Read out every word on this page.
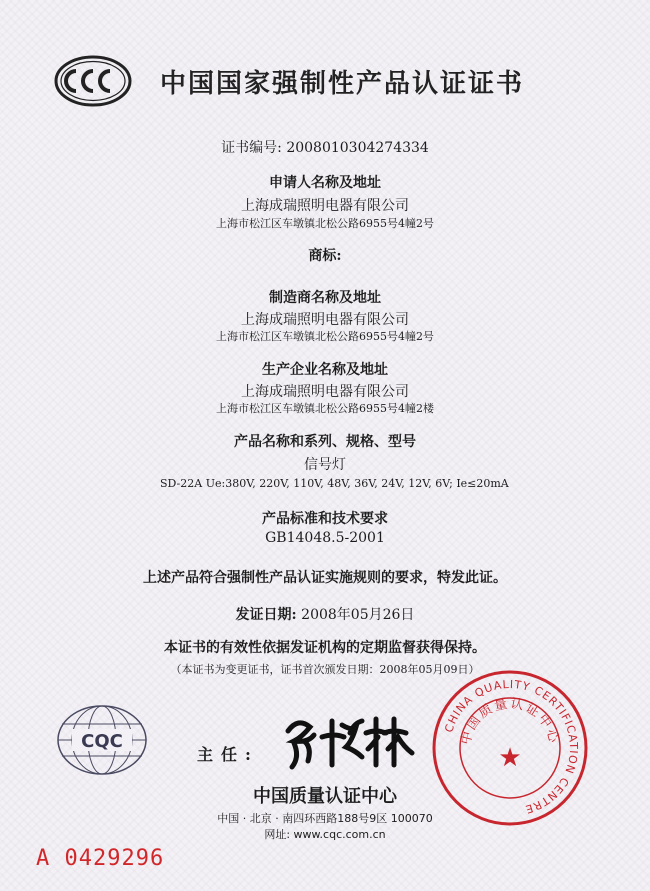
中国国家强制性产品认证证书
证书编号: 2008010304274334
申请人名称及地址
上海成瑞照明电器有限公司
上海市松江区车墩镇北松公路6955号4幢2号
商标:
制造商名称及地址
上海成瑞照明电器有限公司
上海市松江区车墩镇北松公路6955号4幢2号
生产企业名称及地址
上海成瑞照明电器有限公司
上海市松江区车墩镇北松公路6955号4幢2楼
产品名称和系列、规格、型号
信号灯
SD-22A Ue:380V, 220V, 110V, 48V, 36V, 24V, 12V, 6V; Ie≤20mA
产品标准和技术要求
GB14048.5-2001
上述产品符合强制性产品认证实施规则的要求，特发此证。
发证日期: 2008年05月26日
本证书的有效性依据发证机构的定期监督获得保持。
（本证书为变更证书，证书首次颁发日期：2008年05月09日）
CQC
主任:
中国质量认证中心
中国 · 北京 · 南四环西路188号9区 100070
网址: www.cqc.com.cn
CHINA QUALITY CERTIFICATION CENTRE
中国质量认证中心
★
A 0429296
